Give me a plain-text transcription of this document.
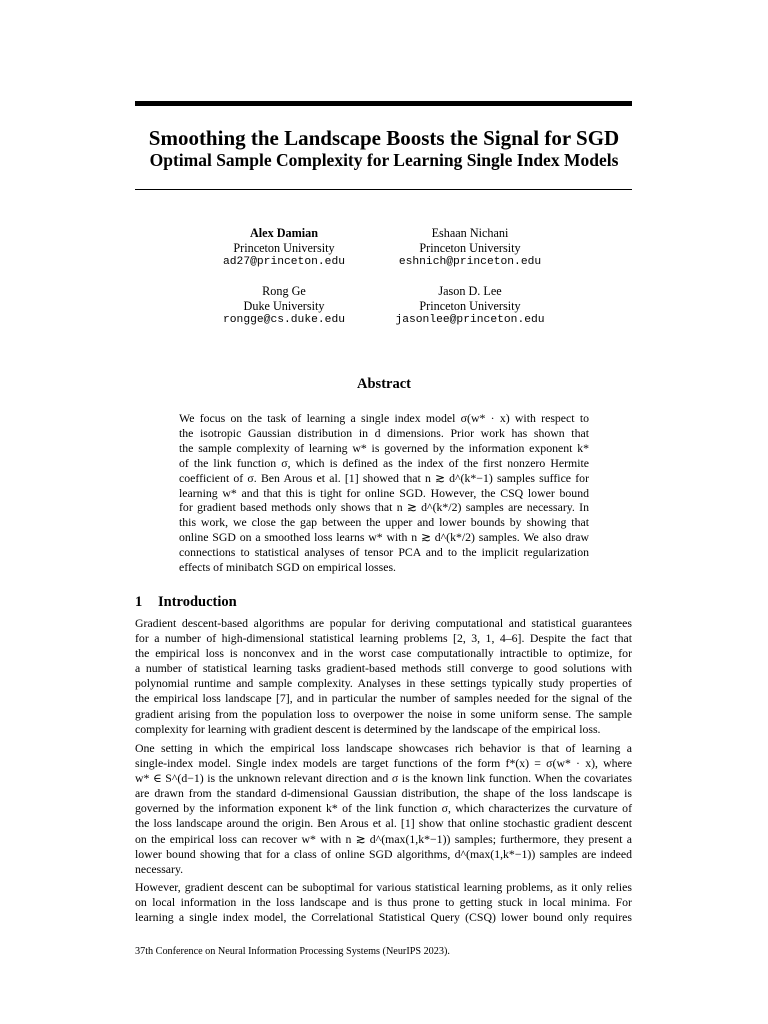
Smoothing the Landscape Boosts the Signal for SGD
Optimal Sample Complexity for Learning Single Index Models
Alex Damian
Princeton University
ad27@princeton.edu
Eshaan Nichani
Princeton University
eshnich@princeton.edu
Rong Ge
Duke University
rongge@cs.duke.edu
Jason D. Lee
Princeton University
jasonlee@princeton.edu
Abstract
We focus on the task of learning a single index model σ(w* · x) with respect to
the isotropic Gaussian distribution in d dimensions. Prior work has shown that
the sample complexity of learning w* is governed by the information exponent k*
of the link function σ, which is defined as the index of the first nonzero Hermite
coefficient of σ. Ben Arous et al. [1] showed that n ≳ d^(k*−1) samples suffice for
learning w* and that this is tight for online SGD. However, the CSQ lower bound
for gradient based methods only shows that n ≳ d^(k*/2) samples are necessary. In
this work, we close the gap between the upper and lower bounds by showing that
online SGD on a smoothed loss learns w* with n ≳ d^(k*/2) samples. We also draw
connections to statistical analyses of tensor PCA and to the implicit regularization
effects of minibatch SGD on empirical losses.
1 Introduction
Gradient descent-based algorithms are popular for deriving computational and statistical guarantees
for a number of high-dimensional statistical learning problems [2, 3, 1, 4–6]. Despite the fact that
the empirical loss is nonconvex and in the worst case computationally intractible to optimize, for
a number of statistical learning tasks gradient-based methods still converge to good solutions with
polynomial runtime and sample complexity. Analyses in these settings typically study properties of
the empirical loss landscape [7], and in particular the number of samples needed for the signal of the
gradient arising from the population loss to overpower the noise in some uniform sense. The sample
complexity for learning with gradient descent is determined by the landscape of the empirical loss.
One setting in which the empirical loss landscape showcases rich behavior is that of learning a
single-index model. Single index models are target functions of the form f*(x) = σ(w* · x), where
w* ∈ S^(d−1) is the unknown relevant direction and σ is the known link function. When the covariates
are drawn from the standard d-dimensional Gaussian distribution, the shape of the loss landscape is
governed by the information exponent k* of the link function σ, which characterizes the curvature of
the loss landscape around the origin. Ben Arous et al. [1] show that online stochastic gradient descent
on the empirical loss can recover w* with n ≳ d^(max(1,k*−1)) samples; furthermore, they present a
lower bound showing that for a class of online SGD algorithms, d^(max(1,k*−1)) samples are indeed
necessary.
However, gradient descent can be suboptimal for various statistical learning problems, as it only relies
on local information in the loss landscape and is thus prone to getting stuck in local minima. For
learning a single index model, the Correlational Statistical Query (CSQ) lower bound only requires
37th Conference on Neural Information Processing Systems (NeurIPS 2023).
